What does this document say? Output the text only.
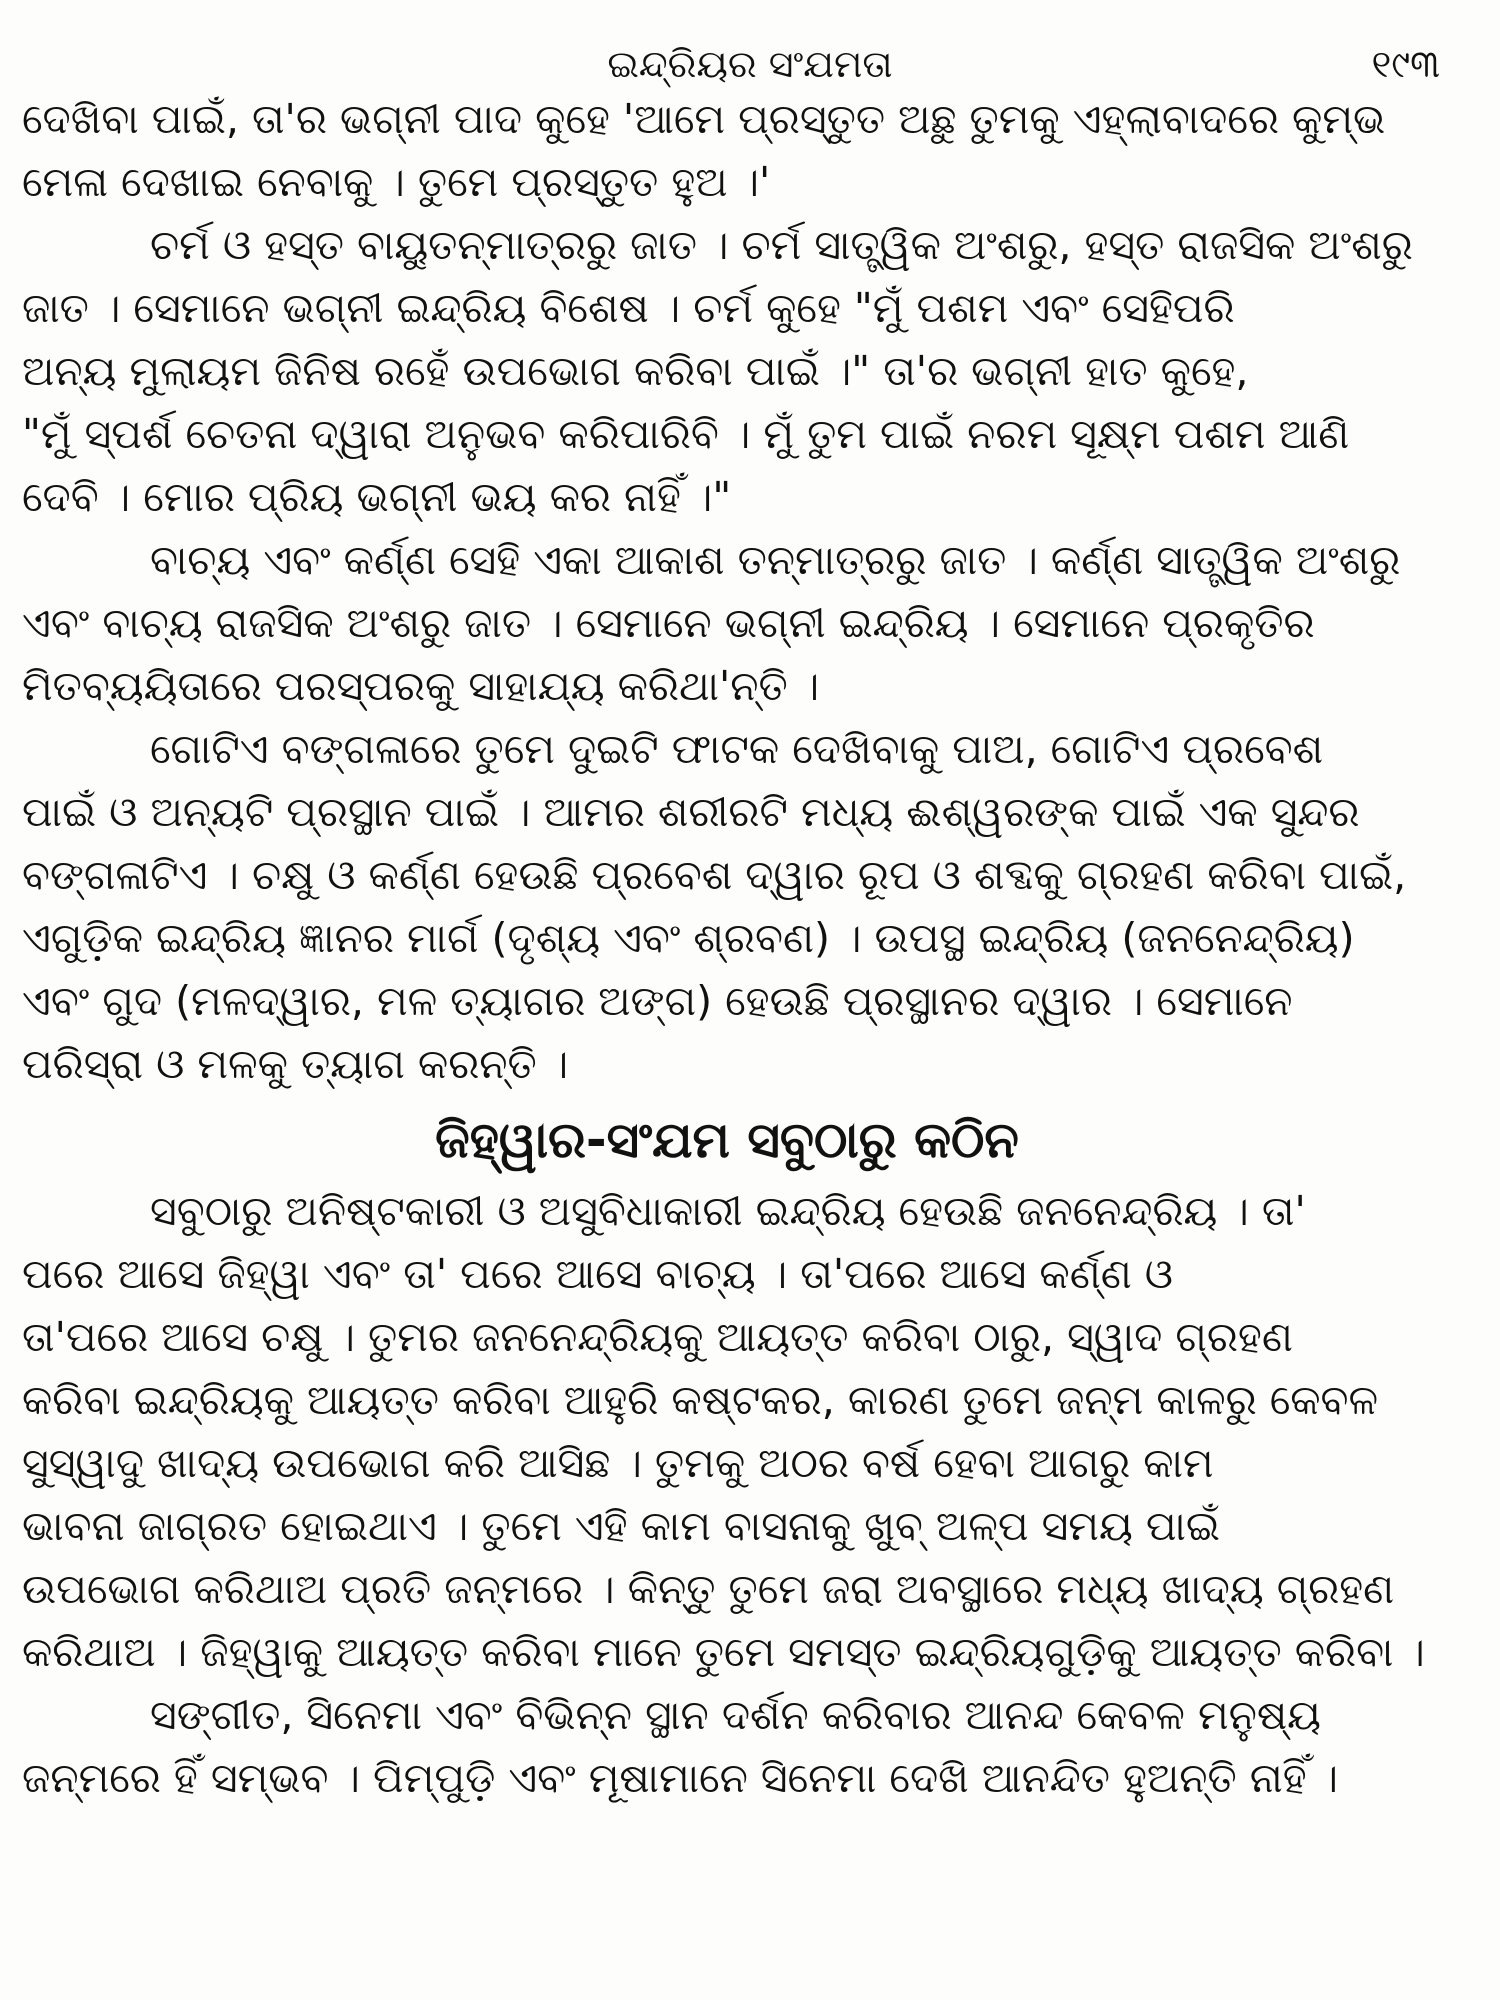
ଇନ୍ଦ୍ରିୟର ସଂଯମତା	୧୯୩
ଦେଖିବା ପାଇଁ, ତା'ର ଭଗ୍ନୀ ପାଦ କୁହେ 'ଆମେ ପ୍ରସ୍ତୁତ ଅଛୁ ତୁମକୁ ଏହ୍ଲାବାଦରେ କୁମ୍ଭ
ମେଳା ଦେଖାଇ ନେବାକୁ । ତୁମେ ପ୍ରସ୍ତୁତ ହୁଅ ।'
ଚର୍ମ ଓ ହସ୍ତ ବାୟୁତନ୍ମାତ୍ରରୁ ଜାତ । ଚର୍ମ ସାତ୍ତ୍ୱିକ ଅଂଶରୁ, ହସ୍ତ ରାଜସିକ ଅଂଶରୁ
ଜାତ । ସେମାନେ ଭଗ୍ନୀ ଇନ୍ଦ୍ରିୟ ବିଶେଷ । ଚର୍ମ କୁହେ "ମୁଁ ପଶମ ଏବଂ ସେହିପରି
ଅନ୍ୟ ମୁଲାୟମ ଜିନିଷ ରହେଁ ଉପଭୋଗ କରିବା ପାଇଁ ।" ତା'ର ଭଗ୍ନୀ ହାତ କୁହେ,
"ମୁଁ ସ୍ପର୍ଶ ଚେତନା ଦ୍ୱାରା ଅନୁଭବ କରିପାରିବି । ମୁଁ ତୁମ ପାଇଁ ନରମ ସୂକ୍ଷ୍ମ ପଶମ ଆଣି
ଦେବି । ମୋର ପ୍ରିୟ ଭଗ୍ନୀ ଭୟ କର ନାହିଁ ।"
ବାଚ୍ୟ ଏବଂ କର୍ଣ୍ଣ ସେହି ଏକା ଆକାଶ ତନ୍ମାତ୍ରରୁ ଜାତ । କର୍ଣ୍ଣ ସାତ୍ତ୍ୱିକ ଅଂଶରୁ
ଏବଂ ବାଚ୍ୟ ରାଜସିକ ଅଂଶରୁ ଜାତ । ସେମାନେ ଭଗ୍ନୀ ଇନ୍ଦ୍ରିୟ । ସେମାନେ ପ୍ରକୃତିର
ମିତବ୍ୟୟିତାରେ ପରସ୍ପରକୁ ସାହାଯ୍ୟ କରିଥା'ନ୍ତି ।
ଗୋଟିଏ ବଙ୍ଗଳାରେ ତୁମେ ଦୁଇଟି ଫାଟକ ଦେଖିବାକୁ ପାଅ, ଗୋଟିଏ ପ୍ରବେଶ
ପାଇଁ ଓ ଅନ୍ୟଟି ପ୍ରସ୍ଥାନ ପାଇଁ । ଆମର ଶରୀରଟି ମଧ୍ୟ ଈଶ୍ୱରଙ୍କ ପାଇଁ ଏକ ସୁନ୍ଦର
ବଙ୍ଗଳାଟିଏ । ଚକ୍ଷୁ ଓ କର୍ଣ୍ଣ ହେଉଛି ପ୍ରବେଶ ଦ୍ୱାର ରୂପ ଓ ଶବ୍ଦକୁ ଗ୍ରହଣ କରିବା ପାଇଁ,
ଏଗୁଡ଼ିକ ଇନ୍ଦ୍ରିୟ ଜ୍ଞାନର ମାର୍ଗ (ଦୃଶ୍ୟ ଏବଂ ଶ୍ରବଣ) । ଉପସ୍ଥ ଇନ୍ଦ୍ରିୟ (ଜନନେନ୍ଦ୍ରିୟ)
ଏବଂ ଗୁଦ (ମଳଦ୍ୱାର, ମଳ ତ୍ୟାଗର ଅଙ୍ଗ) ହେଉଛି ପ୍ରସ୍ଥାନର ଦ୍ୱାର । ସେମାନେ
ପରିସ୍ରା ଓ ମଳକୁ ତ୍ୟାଗ କରନ୍ତି ।
ଜିହ୍ୱାର-ସଂଯମ ସବୁଠାରୁ କଠିନ
ସବୁଠାରୁ ଅନିଷ୍ଟକାରୀ ଓ ଅସୁବିଧାକାରୀ ଇନ୍ଦ୍ରିୟ ହେଉଛି ଜନନେନ୍ଦ୍ରିୟ । ତା'
ପରେ ଆସେ ଜିହ୍ୱା ଏବଂ ତା' ପରେ ଆସେ ବାଚ୍ୟ । ତା'ପରେ ଆସେ କର୍ଣ୍ଣ ଓ
ତା'ପରେ ଆସେ ଚକ୍ଷୁ । ତୁମର ଜନନେନ୍ଦ୍ରିୟକୁ ଆୟତ୍ତ କରିବା ଠାରୁ, ସ୍ୱାଦ ଗ୍ରହଣ
କରିବା ଇନ୍ଦ୍ରିୟକୁ ଆୟତ୍ତ କରିବା ଆହୁରି କଷ୍ଟକର, କାରଣ ତୁମେ ଜନ୍ମ କାଳରୁ କେବଳ
ସୁସ୍ୱାଦୁ ଖାଦ୍ୟ ଉପଭୋଗ କରି ଆସିଛ । ତୁମକୁ ଅଠର ବର୍ଷ ହେବା ଆଗରୁ କାମ
ଭାବନା ଜାଗ୍ରତ ହୋଇଥାଏ । ତୁମେ ଏହି କାମ ବାସନାକୁ ଖୁବ୍ ଅଳ୍ପ ସମୟ ପାଇଁ
ଉପଭୋଗ କରିଥାଅ ପ୍ରତି ଜନ୍ମରେ । କିନ୍ତୁ ତୁମେ ଜରା ଅବସ୍ଥାରେ ମଧ୍ୟ ଖାଦ୍ୟ ଗ୍ରହଣ
କରିଥାଅ । ଜିହ୍ୱାକୁ ଆୟତ୍ତ କରିବା ମାନେ ତୁମେ ସମସ୍ତ ଇନ୍ଦ୍ରିୟଗୁଡ଼ିକୁ ଆୟତ୍ତ କରିବା ।
ସଙ୍ଗୀତ, ସିନେମା ଏବଂ ବିଭିନ୍ନ ସ୍ଥାନ ଦର୍ଶନ କରିବାର ଆନନ୍ଦ କେବଳ ମନୁଷ୍ୟ
ଜନ୍ମରେ ହିଁ ସମ୍ଭବ । ପିମ୍ପୁଡ଼ି ଏବଂ ମୂଷାମାନେ ସିନେମା ଦେଖି ଆନନ୍ଦିତ ହୁଅନ୍ତି ନାହିଁ ।
